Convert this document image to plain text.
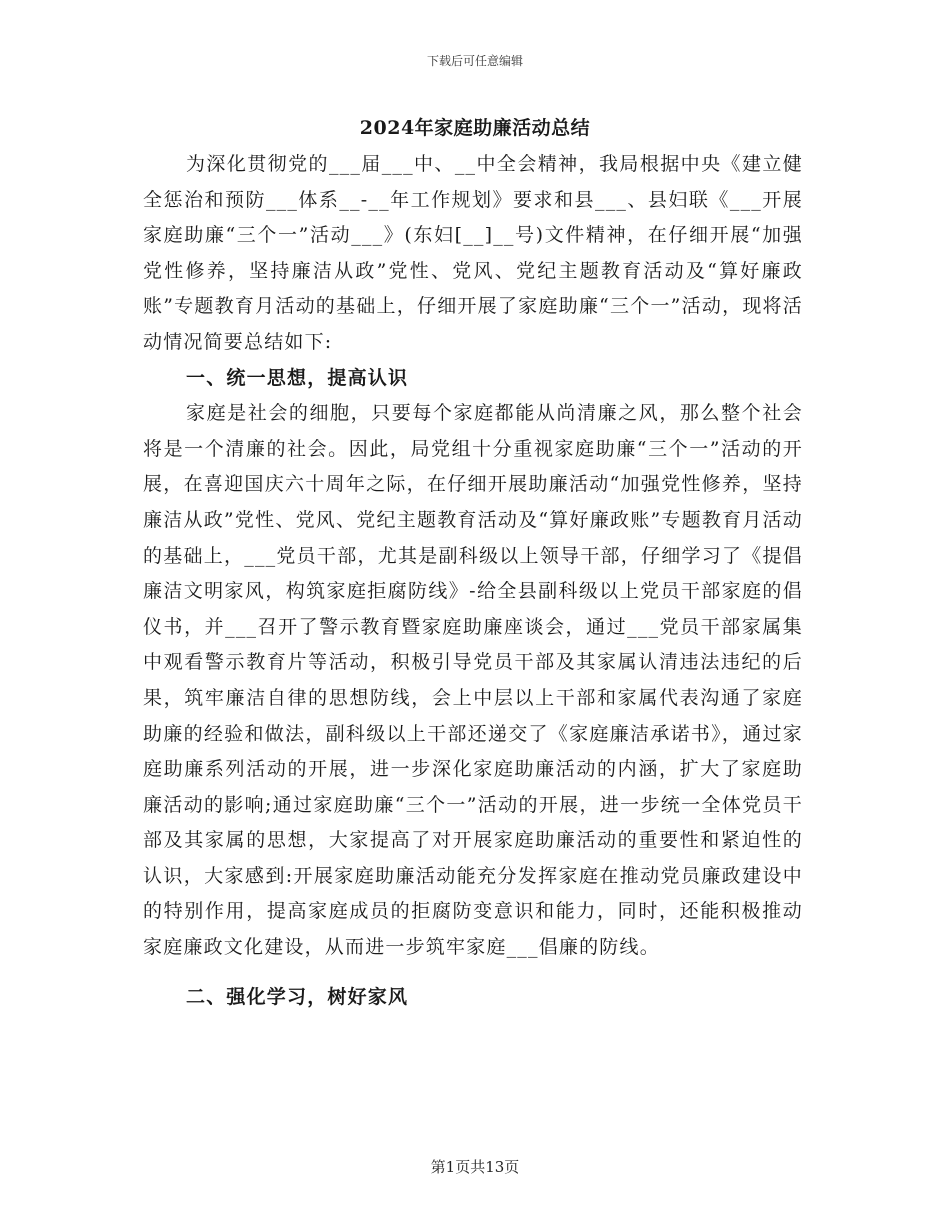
下载后可任意编辑
2024年家庭助廉活动总结

为深化贯彻党的___届___中、__中全会精神，我局根据中央《建立健全惩治和预防___体系__-__年工作规划》要求和县___、县妇联《___开展家庭助廉“三个一”活动___》(东妇[__]__号)文件精神，在仔细开展“加强党性修养，坚持廉洁从政”党性、党风、党纪主题教育活动及“算好廉政账”专题教育月活动的基础上，仔细开展了家庭助廉“三个一”活动，现将活动情况简要总结如下:

一、统一思想，提高认识

家庭是社会的细胞，只要每个家庭都能从尚清廉之风，那么整个社会将是一个清廉的社会。因此，局党组十分重视家庭助廉“三个一”活动的开展，在喜迎国庆六十周年之际，在仔细开展助廉活动“加强党性修养，坚持廉洁从政”党性、党风、党纪主题教育活动及“算好廉政账”专题教育月活动的基础上，___党员干部，尤其是副科级以上领导干部，仔细学习了《提倡廉洁文明家风，构筑家庭拒腐防线》-给全县副科级以上党员干部家庭的倡仪书，并___召开了警示教育暨家庭助廉座谈会，通过___党员干部家属集中观看警示教育片等活动，积极引导党员干部及其家属认清违法违纪的后果，筑牢廉洁自律的思想防线，会上中层以上干部和家属代表沟通了家庭助廉的经验和做法，副科级以上干部还递交了《家庭廉洁承诺书》，通过家庭助廉系列活动的开展，进一步深化家庭助廉活动的内涵，扩大了家庭助廉活动的影响;通过家庭助廉“三个一”活动的开展，进一步统一全体党员干部及其家属的思想，大家提高了对开展家庭助廉活动的重要性和紧迫性的认识，大家感到:开展家庭助廉活动能充分发挥家庭在推动党员廉政建设中的特别作用，提高家庭成员的拒腐防变意识和能力，同时，还能积极推动家庭廉政文化建设，从而进一步筑牢家庭___倡廉的防线。

二、强化学习，树好家风

第1页共13页
